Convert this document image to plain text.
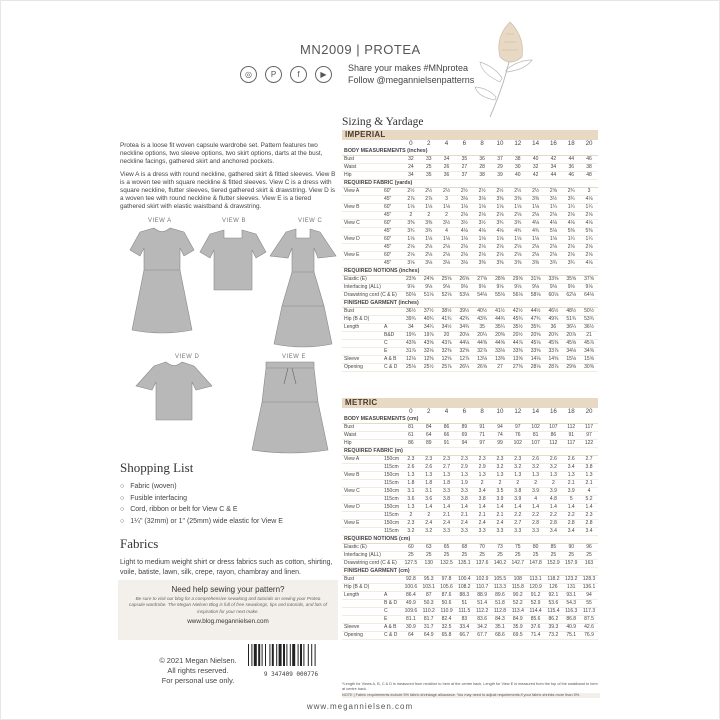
MN2009 | PROTEA
◎	P	f	▶
Share your makes #MNprotea
Follow @megannielsenpatterns

Protea is a loose fit woven capsule wardrobe set. Pattern features two neckline options, two sleeve options, two skirt options, darts at the bust, neckline facings, gathered skirt and anchored pockets.

View A is a dress with round neckline, gathered skirt & fitted sleeves. View B is a woven tee with square neckline & fitted sleeves. View C is a dress with square neckline, flutter sleeves, tiered gathered skirt & drawstring. View D is a woven tee with round neckline & flutter sleeves. View E is a tiered gathered skirt with elastic waistband & drawstring.

VIEW A	VIEW B	VIEW C
VIEW D	VIEW E
Shopping List
○ Fabric (woven)
○ Fusible interfacing
○ Cord, ribbon or belt for View C & E
○ 1¼" (32mm) or 1" (25mm) wide elastic for View E
Fabrics
Light to medium weight shirt or dress fabrics such as cotton, shirting, voile, batiste, lawn, silk, crepe, rayon, chambray and linen.
Need help sewing your pattern?
Be sure to visit our blog for a comprehensive sewalong and tutorials on sewing your Protea capsule wardrobe. The Megan Nielsen Blog is full of free sewalongs, tips and tutorials, and lots of inspiration for your next make.
www.blog.megannielsen.com
© 2021 Megan Nielsen.
All rights reserved.
For personal use only.
9 347409 000776
www.megannielsen.com
Sizing & Yardage
IMPERIAL
0	2	4	6	8	10	12	14	16	18	20
BODY MEASUREMENTS (inches)
Bust	32	33	34	35	36	37	38	40	42	44	46
Waist	24	25	26	27	28	29	30	32	34	36	38
Hip	34	35	36	37	38	39	40	42	44	46	48
REQUIRED FABRIC (yards)
View A	60"	2½	2½	2½	2½	2½	2½	2½	2½	2⅝	2¾	3
45"	2⅞	2⅞	3	3⅛	3⅛	3⅜	3⅜	3⅜	3½	3¾	4⅛
View B	60"	1⅛	1⅛	1⅛	1⅛	1⅛	1⅛	1⅛	1⅛	1¼	1¼	1¼
45"	2	2	2	2⅛	2⅛	2⅛	2⅛	2⅛	2⅛	2⅛	2⅛
View C	60"	3⅜	3⅜	3½	3½	3½	3¾	3¾	4⅛	4⅛	4⅛	4⅛
45"	3¾	3¾	4	4⅛	4⅛	4⅛	4¾	4¾	5⅛	5⅜	5⅜
View D	60"	1⅛	1⅛	1⅛	1⅛	1⅛	1⅛	1⅛	1⅛	1⅛	1¼	1¼
45"	2⅛	2⅛	2⅛	2⅛	2⅛	2⅛	2⅛	2⅛	2⅛	2⅛	2⅛
View E	60"	2⅛	2⅛	2⅛	2⅛	2⅛	2⅛	2⅛	2⅛	2⅛	2⅛	2⅛
45"	3⅛	3⅛	3⅛	3⅛	3⅜	3⅜	3⅜	3⅜	3¾	3¾	4⅛
REQUIRED NOTIONS (inches)
Elastic (E)	23⅝	24⅝	25⅝	26⅝	27⅝	28⅝	29⅝	31⅝	33⅝	35⅝	37⅝
Interfacing (ALL)	9⅛	9⅛	9⅛	9⅛	9⅛	9⅛	9⅛	9⅛	9⅛	9⅛	9⅛
Drawstring cord (C & E)	50⅛	51⅛	52⅛	53⅛	54⅛	55⅛	56⅛	58⅛	60⅛	62⅛	64⅛
FINISHED GARMENT (inches)
Bust	36½	37½	38½	39½	40½	41½	42½	44½	46½	48½	50½
Hip (B & D)	39¾	40¾	41¾	42¾	43¾	44¾	45¾	47¾	49¾	51¾	53¾
Length	A	34	34¼	34½	34¾	35	35¼	35½	35¾	36	36¼	36½
B&D	19¾	19⅞	20	20⅛	20¼	20⅜	20½	20⅝	20¾	20⅞	21
C	43⅜	43⅝	43⅞	44⅛	44⅜	44⅝	44⅞	45⅛	45⅜	45⅝	45⅞
E	31⅞	32⅛	32⅜	32⅝	32⅞	33⅛	33⅜	33⅝	33⅞	34⅛	34⅜
Sleeve	A & B	12⅛	12⅜	12⅝	12⅞	13⅛	13⅜	13⅝	14⅛	14⅝	15⅛	15⅝
Opening	C & D	25⅛	25½	25⅞	26¼	26⅝	27	27⅜	28⅛	28⅞	29⅝	30⅜
METRIC
0	2	4	6	8	10	12	14	16	18	20
BODY MEASUREMENTS (cm)
Bust	81	84	86	89	91	94	97	102	107	112	117
Waist	61	64	66	69	71	74	76	81	86	91	97
Hip	86	89	91	94	97	99	102	107	112	117	122
REQUIRED FABRIC (m)
View A	150cm	2.3	2.3	2.3	2.3	2.3	2.3	2.3	2.6	2.6	2.6	2.7
115cm	2.6	2.6	2.7	2.9	2.9	3.2	3.2	3.2	3.2	3.4	3.8
View B	150cm	1.3	1.3	1.3	1.3	1.3	1.3	1.3	1.3	1.3	1.3	1.3
115cm	1.8	1.8	1.8	1.9	2	2	2	2	2	2.1	2.1
View C	150cm	3.1	3.1	3.3	3.3	3.4	3.5	3.8	3.9	3.9	3.9	4
115cm	3.6	3.6	3.8	3.8	3.8	3.9	3.9	4	4.8	5	5.2
View D	150cm	1.3	1.4	1.4	1.4	1.4	1.4	1.4	1.4	1.4	1.4	1.4
115cm	2	2	2.1	2.1	2.1	2.1	2.2	2.2	2.2	2.2	2.3
View E	150cm	2.3	2.4	2.4	2.4	2.4	2.4	2.7	2.8	2.8	2.8	2.8
115cm	3.2	3.2	3.3	3.3	3.3	3.3	3.3	3.3	3.4	3.4	3.4
REQUIRED NOTIONS (cm)
Elastic (E)	60	63	65	68	70	73	75	80	85	90	96
Interfacing (ALL)	25	25	25	25	25	25	25	25	25	25	25
Drawstring cord (C & E)	127.5	130	132.5	135.1	137.6	140.2	142.7	147.8	152.9	157.9	163
FINISHED GARMENT (cm)
Bust	92.8	95.3	97.8	100.4	102.9	105.5	108	113.1	118.2	123.2	128.3
Hip (B & D)	100.6	103.1	105.6	108.2	110.7	113.3	115.8	120.9	126	131	136.1
Length	A	86.4	87	87.6	88.3	88.9	89.6	90.2	91.2	92.1	93.1	94
B & D	49.9	50.3	50.6	51	51.4	51.8	52.2	52.9	53.6	54.3	55
C	109.6	110.2	110.9	111.5	112.2	112.8	113.4	114.4	115.4	116.3	117.3
E	81.1	81.7	82.4	83	83.6	84.3	84.9	85.6	86.2	86.8	87.5
Sleeve	A & B	30.9	31.7	32.5	33.4	34.2	35.1	35.9	37.6	39.3	40.9	42.6
Opening	C & D	64	64.9	65.8	66.7	67.7	68.6	69.5	71.4	73.2	75.1	76.9
*Length for Views A, B, C & D is measured from neckline to hem at the centre back. Length for View E is measured from the top of the waistband to hem at centre back.
NOTE | Fabric requirements include 5% fabric shrinkage allowance. You may need to adjust requirements if your fabric shrinks more than 5%.
